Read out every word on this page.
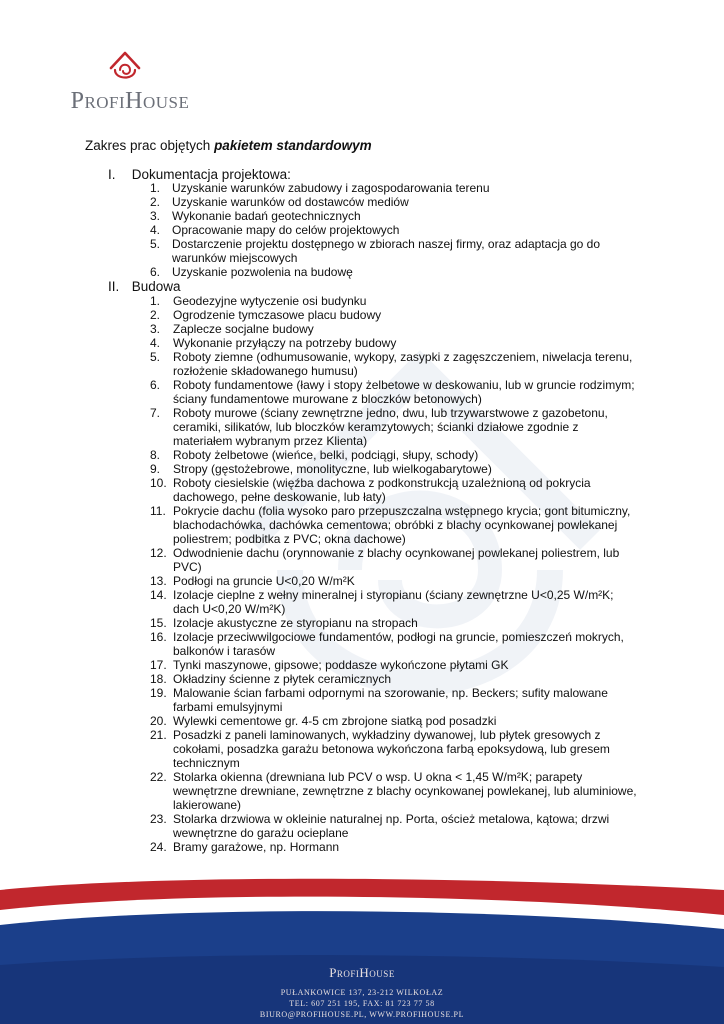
ProfiHouse
Zakres prac objętych pakietem standardowym
I. Dokumentacja projektowa:
1. Uzyskanie warunków zabudowy i zagospodarowania terenu
2. Uzyskanie warunków od dostawców mediów
3. Wykonanie badań geotechnicznych
4. Opracowanie mapy do celów projektowych
5. Dostarczenie projektu dostępnego w zbiorach naszej firmy, oraz adaptacja go do warunków miejscowych
6. Uzyskanie pozwolenia na budowę
II. Budowa
1. Geodezyjne wytyczenie osi budynku
2. Ogrodzenie tymczasowe placu budowy
3. Zaplecze socjalne budowy
4. Wykonanie przyłączy na potrzeby budowy
5. Roboty ziemne (odhumusowanie, wykopy, zasypki z zagęszczeniem, niwelacja terenu, rozłożenie składowanego humusu)
6. Roboty fundamentowe (ławy i stopy żelbetowe w deskowaniu, lub w gruncie rodzimym; ściany fundamentowe murowane z bloczków betonowych)
7. Roboty murowe (ściany zewnętrzne jedno, dwu, lub trzywarstwowe z gazobetonu, ceramiki, silikatów, lub bloczków keramzytowych; ścianki działowe zgodnie z materiałem wybranym przez Klienta)
8. Roboty żelbetowe (wieńce, belki, podciągi, słupy, schody)
9. Stropy (gęstożebrowe, monolityczne, lub wielkogabarytowe)
10. Roboty ciesielskie (więźba dachowa z podkonstrukcją uzależnioną od pokrycia dachowego, pełne deskowanie, lub łaty)
11. Pokrycie dachu (folia wysoko paro przepuszczalna wstępnego krycia; gont bitumiczny, blachodachówka, dachówka cementowa; obróbki z blachy ocynkowanej powlekanej poliestrem; podbitka z PVC; okna dachowe)
12. Odwodnienie dachu (orynnowanie z blachy ocynkowanej powlekanej poliestrem, lub PVC)
13. Podłogi na gruncie U<0,20 W/m²K
14. Izolacje cieplne z wełny mineralnej i styropianu (ściany zewnętrzne U<0,25 W/m²K; dach U<0,20 W/m²K)
15. Izolacje akustyczne ze styropianu na stropach
16. Izolacje przeciwwilgociowe fundamentów, podłogi na gruncie, pomieszczeń mokrych, balkonów i tarasów
17. Tynki maszynowe, gipsowe; poddasze wykończone płytami GK
18. Okładziny ścienne z płytek ceramicznych
19. Malowanie ścian farbami odpornymi na szorowanie, np. Beckers; sufity malowane farbami emulsyjnymi
20. Wylewki cementowe gr. 4-5 cm zbrojone siatką pod posadzki
21. Posadzki z paneli laminowanych, wykładziny dywanowej, lub płytek gresowych z cokołami, posadzka garażu betonowa wykończona farbą epoksydową, lub gresem technicznym
22. Stolarka okienna (drewniana lub PCV o wsp. U okna < 1,45 W/m²K; parapety wewnętrzne drewniane, zewnętrzne z blachy ocynkowanej powlekanej, lub aluminiowe, lakierowane)
23. Stolarka drzwiowa w okleinie naturalnej np. Porta, oścież metalowa, kątowa; drzwi wewnętrzne do garażu ocieplane
24. Bramy garażowe, np. Hormann
ProfiHouse
PUŁANKOWICE 137, 23-212 WILKOŁAZ
TEL: 607 251 195, FAX: 81 723 77 58
BIURO@PROFIHOUSE.PL, WWW.PROFIHOUSE.PL
